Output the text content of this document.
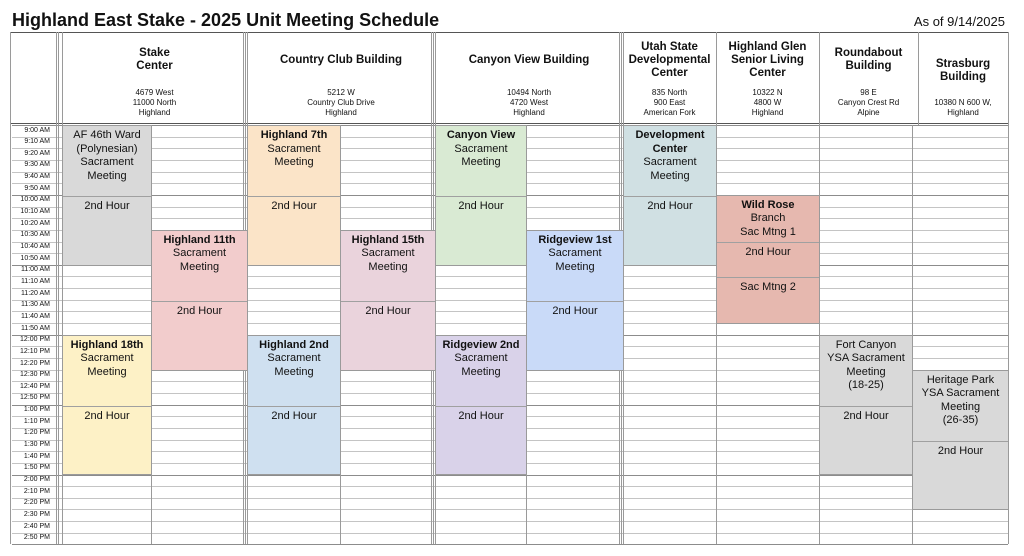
Highland East Stake - 2025 Unit Meeting Schedule	As of 9/14/2025
9:00 AM
9:10 AM
9:20 AM
9:30 AM
9:40 AM
9:50 AM
10:00 AM
10:10 AM
10:20 AM
10:30 AM
10:40 AM
10:50 AM
11:00 AM
11:10 AM
11:20 AM
11:30 AM
11:40 AM
11:50 AM
12:00 PM
12:10 PM
12:20 PM
12:30 PM
12:40 PM
12:50 PM
1:00 PM
1:10 PM
1:20 PM
1:30 PM
1:40 PM
1:50 PM
2:00 PM
2:10 PM
2:20 PM
2:30 PM
2:40 PM
2:50 PM
Stake
Center
4679 West
11000 North
Highland
Country Club Building
5212 W
Country Club Drive
Highland
Canyon View Building
10494 North
4720 West
Highland
Utah State
Developmental
Center
835 North
900 East
American Fork
Highland Glen
Senior Living
Center
10322 N
4800 W
Highland
Roundabout
Building
98 E
Canyon Crest Rd
Alpine
Strasburg
Building
10380 N 600 W,
Highland
AF 46th Ward
(Polynesian)
Sacrament
Meeting
2nd Hour
Highland 11th
Sacrament
Meeting
2nd Hour
Highland 18th
Sacrament
Meeting
2nd Hour
Highland 7th
Sacrament
Meeting
2nd Hour
Highland 15th
Sacrament
Meeting
2nd Hour
Highland 2nd
Sacrament
Meeting
2nd Hour
Canyon View
Sacrament
Meeting
2nd Hour
Ridgeview 1st
Sacrament
Meeting
2nd Hour
Ridgeview 2nd
Sacrament
Meeting
2nd Hour
Development
Center
Sacrament
Meeting
2nd Hour	Wild Rose
Branch
Sac Mtng 1
2nd Hour
Sac Mtng 2
Fort Canyon
YSA Sacrament
Meeting
(18-25)
2nd Hour
Heritage Park
YSA Sacrament
Meeting
(26-35)
2nd Hour
